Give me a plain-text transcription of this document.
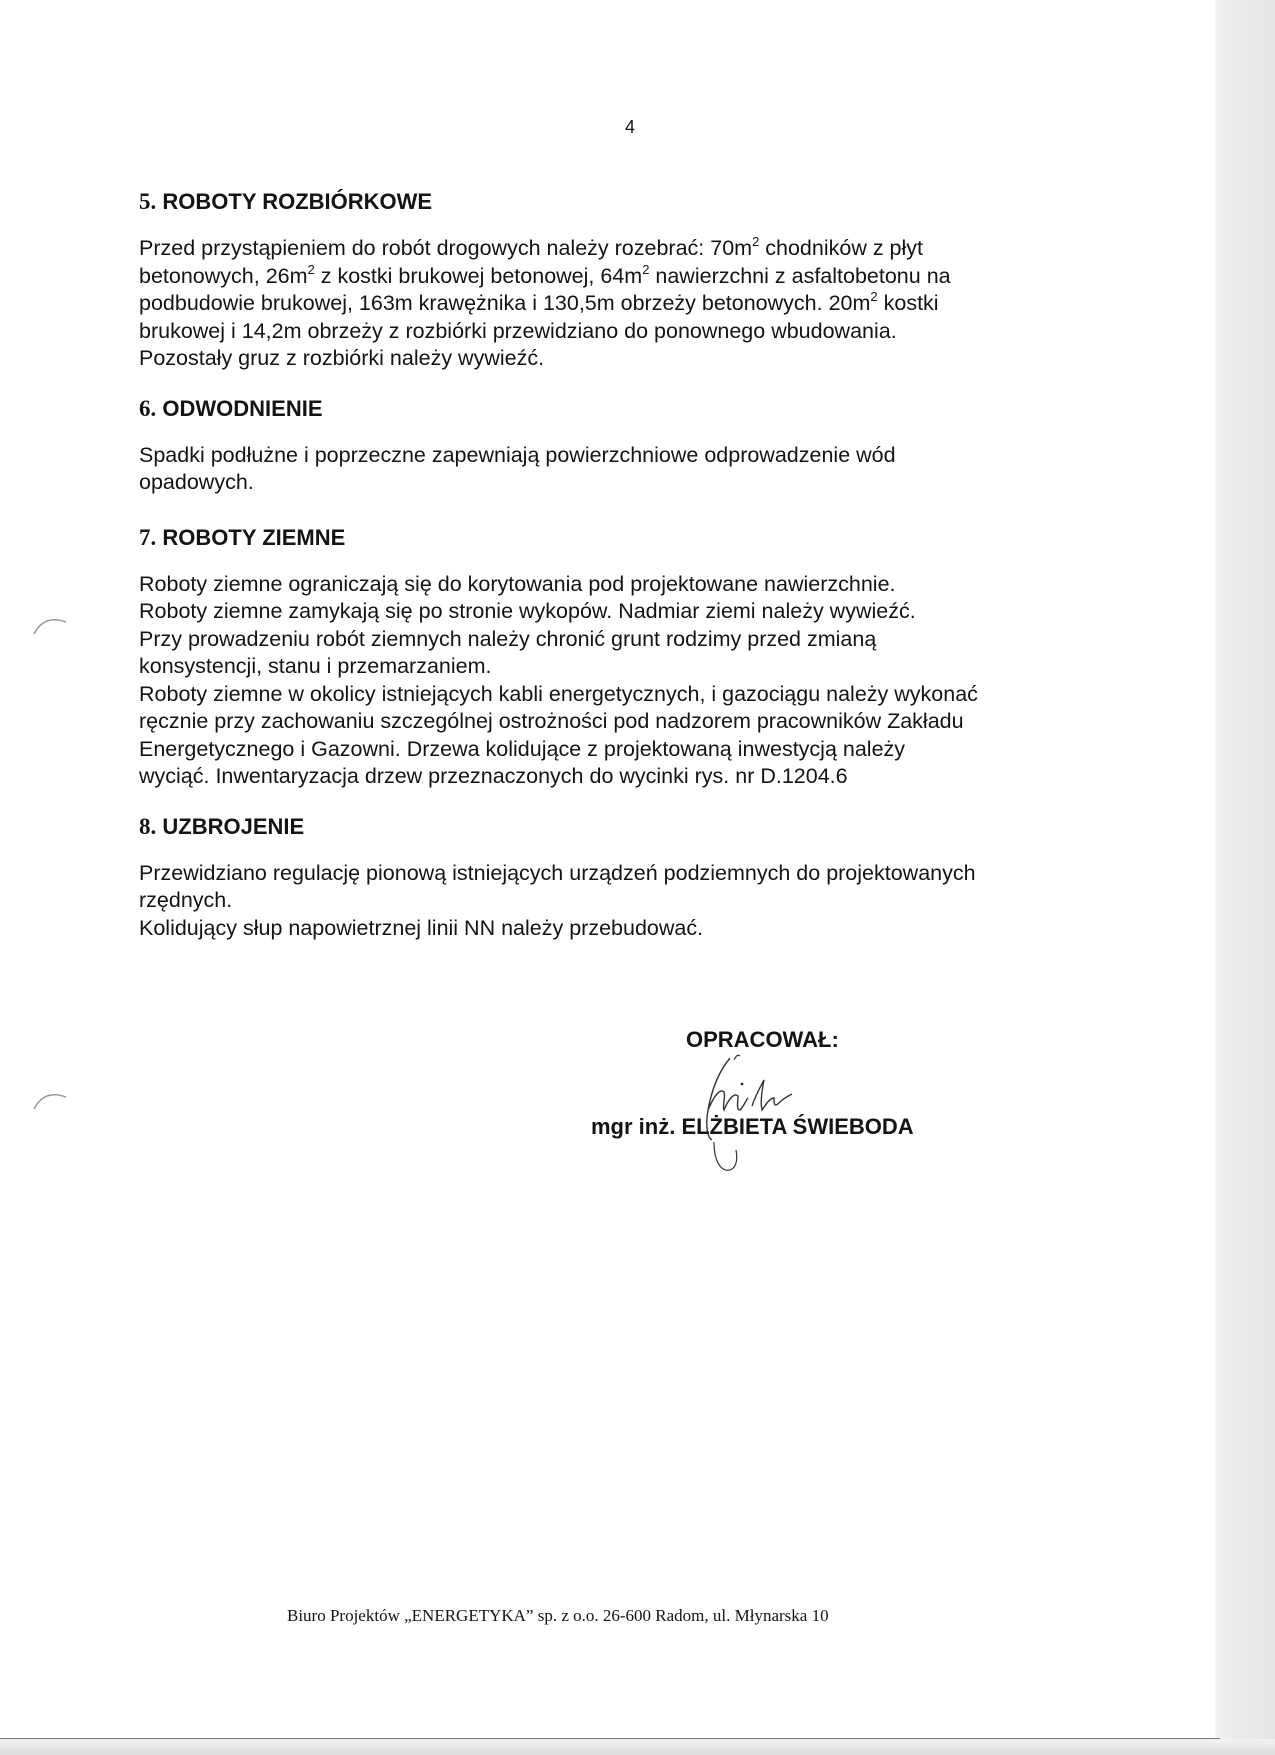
4
5. ROBOTY ROZBIÓRKOWE
Przed przystąpieniem do robót drogowych należy rozebrać: $70m^2$ chodników z płyt
betonowych, $26m^2$ z kostki brukowej betonowej, $64m^2$ nawierzchni z asfaltobetonu na
podbudowie brukowej, 163m krawężnika i 130,5m obrzeży betonowych. $20m^2$ kostki
brukowej i 14,2m obrzeży z rozbiórki przewidziano do ponownego wbudowania.
Pozostały gruz z rozbiórki należy wywieźć.
6. ODWODNIENIE
Spadki podłużne i poprzeczne zapewniają powierzchniowe odprowadzenie wód
opadowych.
7. ROBOTY ZIEMNE
Roboty ziemne ograniczają się do korytowania pod projektowane nawierzchnie.
Roboty ziemne zamykają się po stronie wykopów. Nadmiar ziemi należy wywieźć.
Przy prowadzeniu robót ziemnych należy chronić grunt rodzimy przed zmianą
konsystencji, stanu i przemarzaniem.
Roboty ziemne w okolicy istniejących kabli energetycznych, i gazociągu należy wykonać
ręcznie przy zachowaniu szczególnej ostrożności pod nadzorem pracowników Zakładu
Energetycznego i Gazowni. Drzewa kolidujące z projektowaną inwestycją należy
wyciąć. Inwentaryzacja drzew przeznaczonych do wycinki rys. nr D.1204.6
8. UZBROJENIE
Przewidziano regulację pionową istniejących urządzeń podziemnych do projektowanych
rzędnych.
Kolidujący słup napowietrznej linii NN należy przebudować.
OPRACOWAŁ:
mgr inż. ELŻBIETA ŚWIEBODA
Biuro Projektów „ENERGETYKA” sp. z o.o. 26-600 Radom, ul. Młynarska 10
